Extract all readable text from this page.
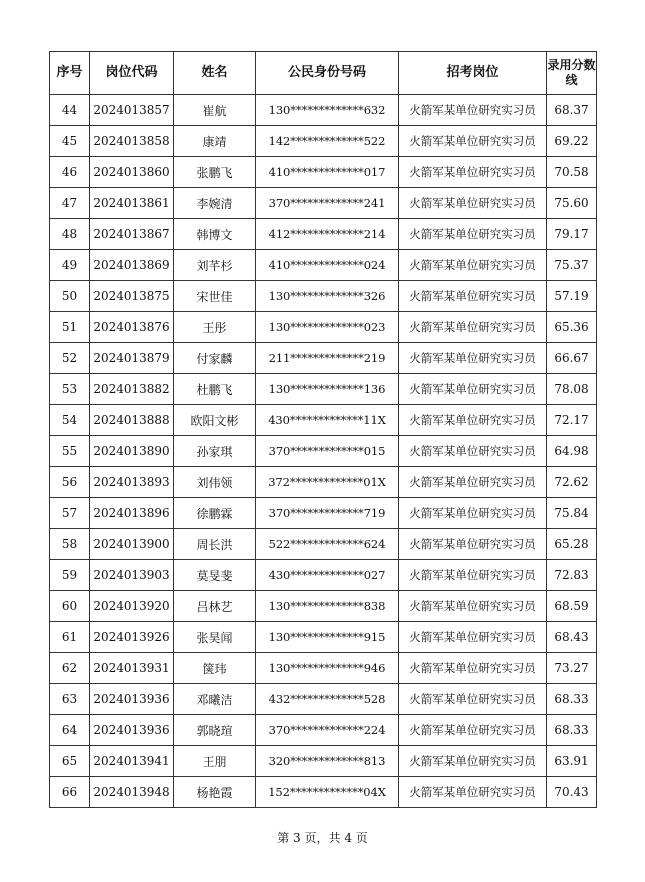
序号	岗位代码	姓名	公民身份号码	招考岗位	录用分数线
44	2024013857	崔航	130*************632	火箭军某单位研究实习员	68.37
45	2024013858	康靖	142*************522	火箭军某单位研究实习员	69.22
46	2024013860	张鹏飞	410*************017	火箭军某单位研究实习员	70.58
47	2024013861	李婉清	370*************241	火箭军某单位研究实习员	75.60
48	2024013867	韩博文	412*************214	火箭军某单位研究实习员	79.17
49	2024013869	刘芊杉	410*************024	火箭军某单位研究实习员	75.37
50	2024013875	宋世佳	130*************326	火箭军某单位研究实习员	57.19
51	2024013876	王彤	130*************023	火箭军某单位研究实习员	65.36
52	2024013879	付家麟	211*************219	火箭军某单位研究实习员	66.67
53	2024013882	杜鹏飞	130*************136	火箭军某单位研究实习员	78.08
54	2024013888	欧阳文彬	430*************11X	火箭军某单位研究实习员	72.17
55	2024013890	孙家琪	370*************015	火箭军某单位研究实习员	64.98
56	2024013893	刘伟领	372*************01X	火箭军某单位研究实习员	72.62
57	2024013896	徐鹏霖	370*************719	火箭军某单位研究实习员	75.84
58	2024013900	周长洪	522*************624	火箭军某单位研究实习员	65.28
59	2024013903	莫旻斐	430*************027	火箭军某单位研究实习员	72.83
60	2024013920	吕林艺	130*************838	火箭军某单位研究实习员	68.59
61	2024013926	张昊闻	130*************915	火箭军某单位研究实习员	68.43
62	2024013931	箧玮	130*************946	火箭军某单位研究实习员	73.27
63	2024013936	邓曦洁	432*************528	火箭军某单位研究实习员	68.33
64	2024013936	郭晓瑄	370*************224	火箭军某单位研究实习员	68.33
65	2024013941	王朋	320*************813	火箭军某单位研究实习员	63.91
66	2024013948	杨艳霞	152*************04X	火箭军某单位研究实习员	70.43
第 3 页，共 4 页
